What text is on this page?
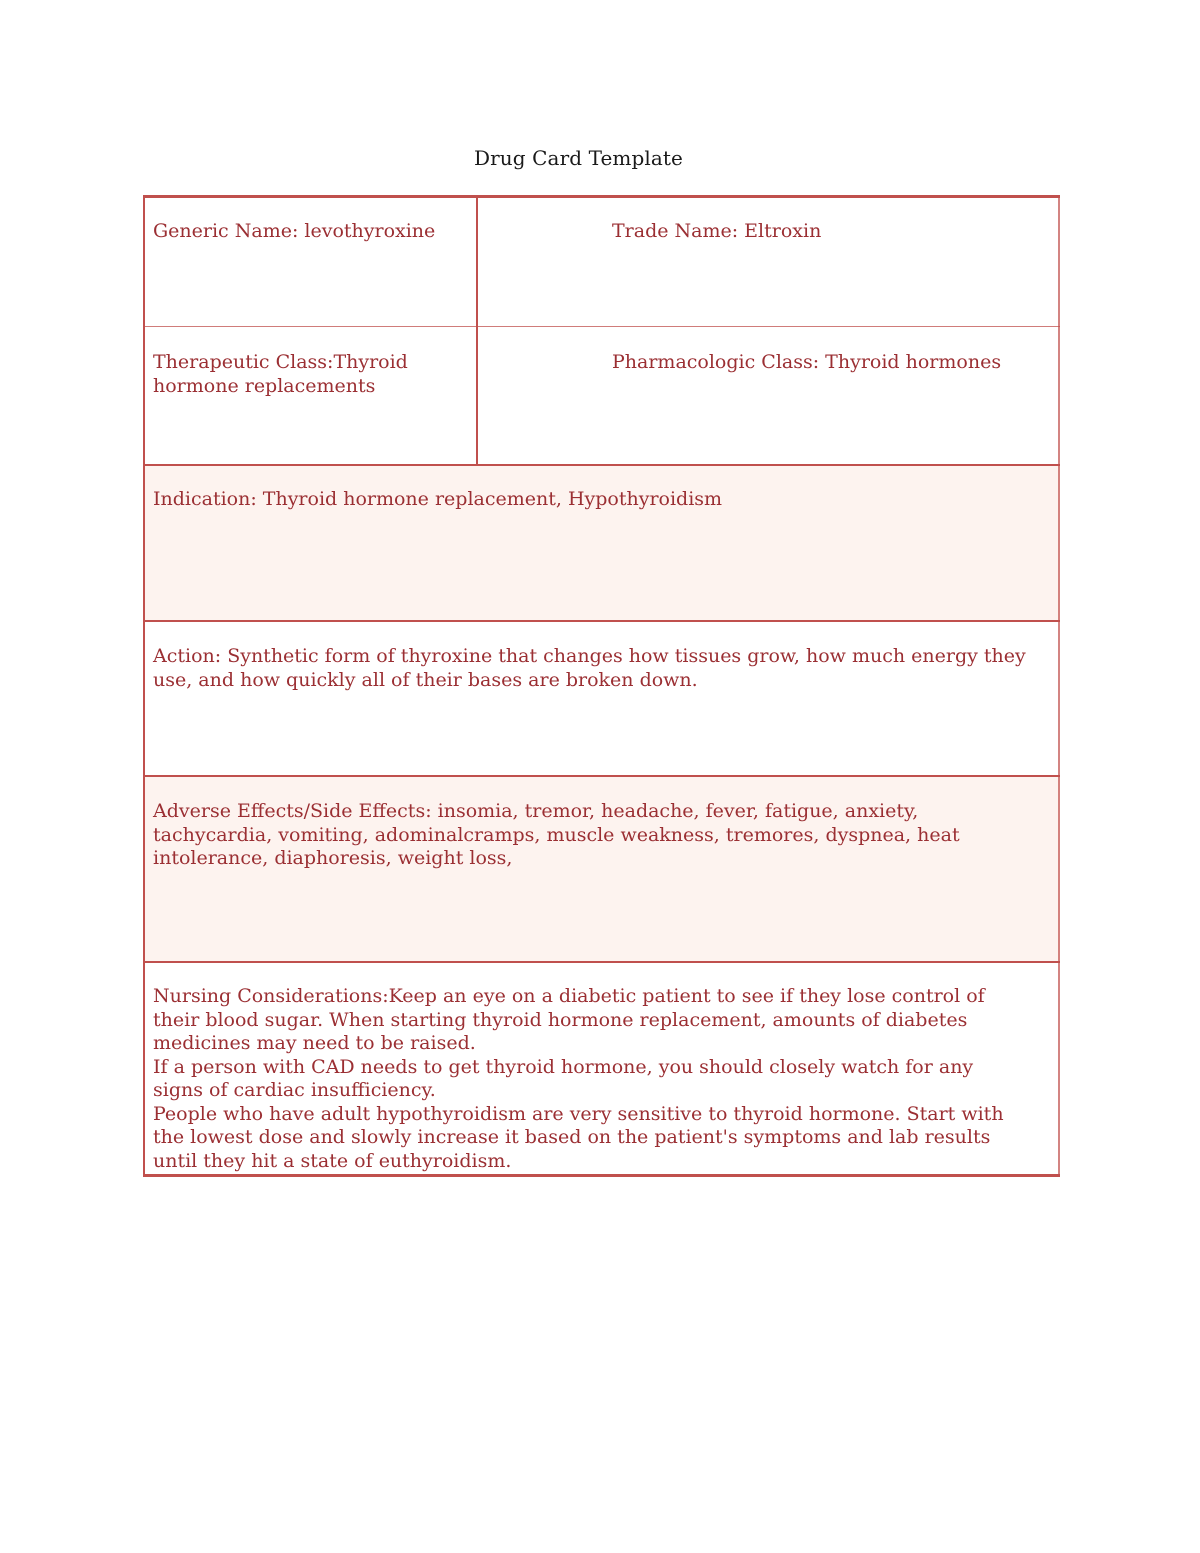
Drug Card Template
Generic Name: levothyroxine	Trade Name: Eltroxin
Therapeutic Class:Thyroid hormone replacements
Pharmacologic Class: Thyroid hormones
Indication: Thyroid hormone replacement, Hypothyroidism
Action: Synthetic form of thyroxine that changes how tissues grow, how much energy they use, and how quickly all of their bases are broken down.
Adverse Effects/Side Effects: insomia, tremor, headache, fever, fatigue, anxiety, tachycardia, vomiting, adominalcramps, muscle weakness, tremores, dyspnea, heat intolerance, diaphoresis, weight loss,
Nursing Considerations:Keep an eye on a diabetic patient to see if they lose control of their blood sugar. When starting thyroid hormone replacement, amounts of diabetes medicines may need to be raised.
If a person with CAD needs to get thyroid hormone, you should closely watch for any signs of cardiac insufficiency.
People who have adult hypothyroidism are very sensitive to thyroid hormone. Start with the lowest dose and slowly increase it based on the patient's symptoms and lab results until they hit a state of euthyroidism.
